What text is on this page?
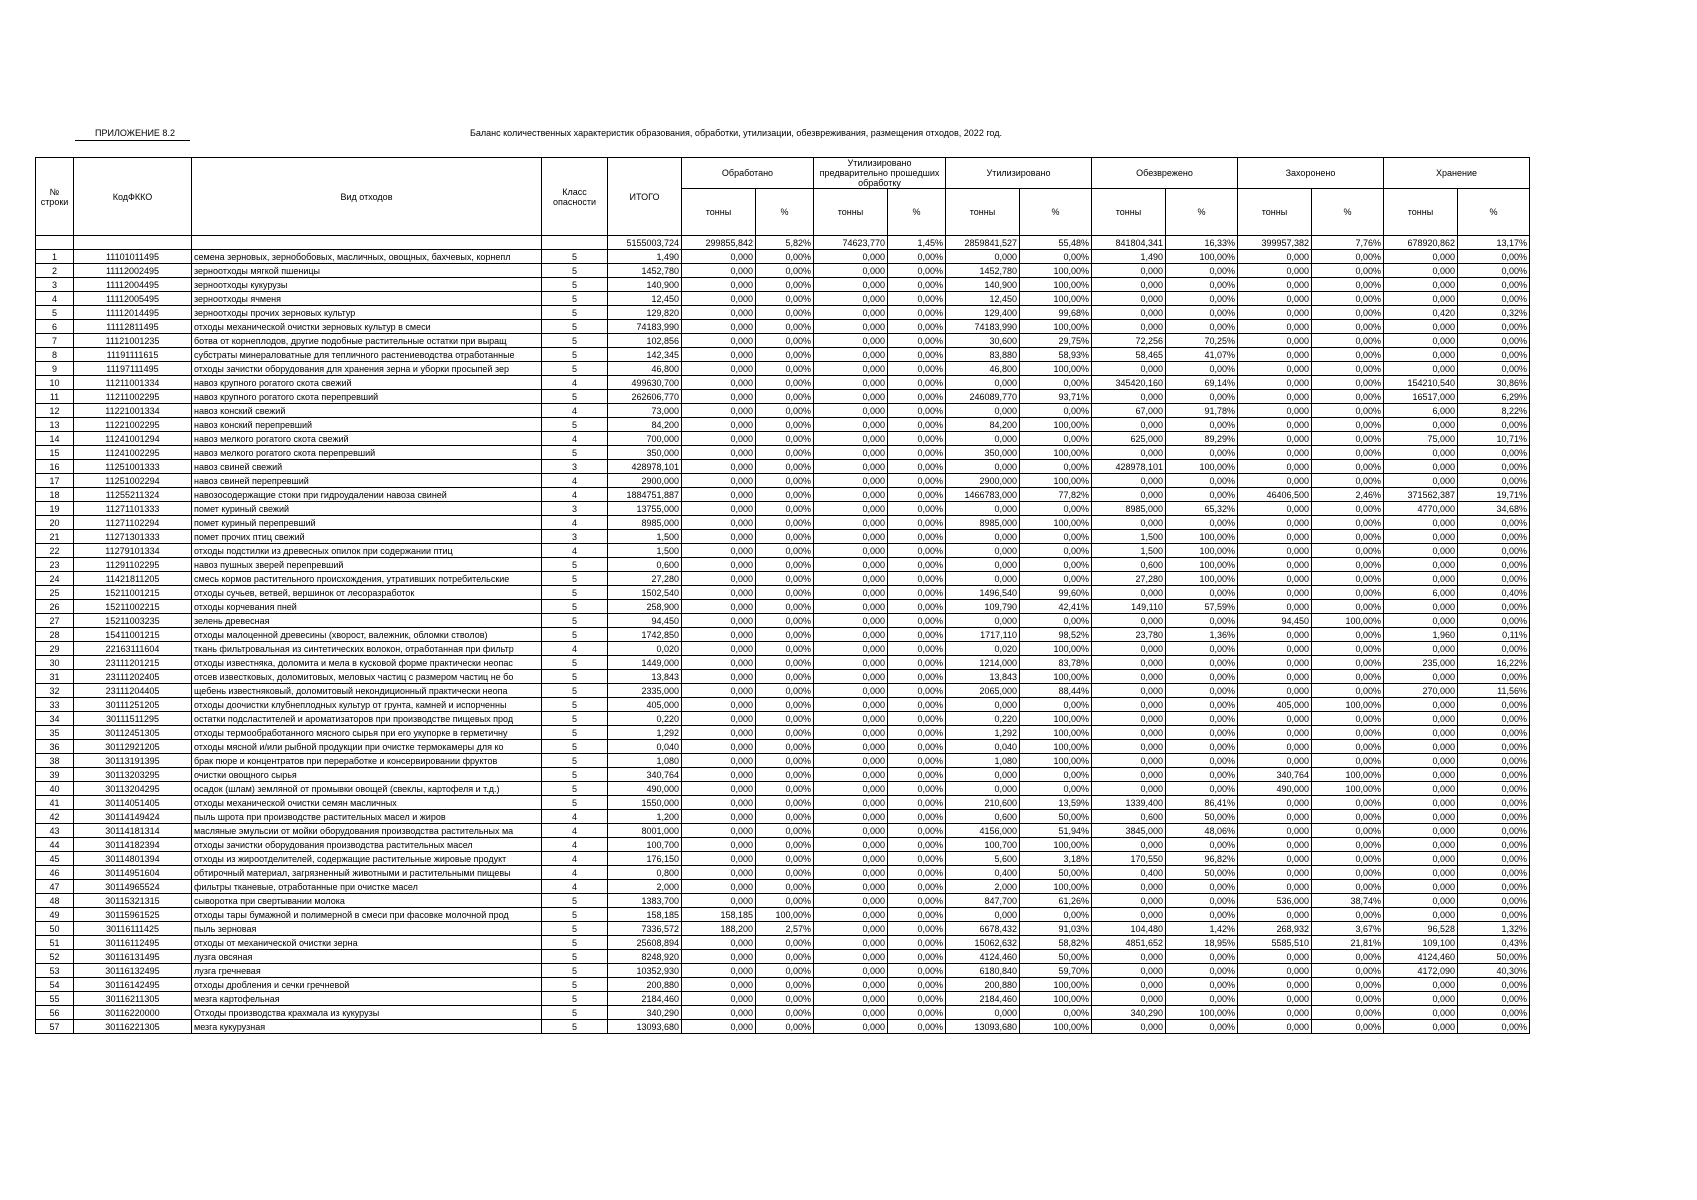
ПРИЛОЖЕНИЕ 8.2	Баланс количественных характеристик образования, обработки, утилизации, обезвреживания, размещения отходов, 2022 год.
№ строки	КодФККО	Вид отходов	Класс опасности	ИТОГО	Обработано		Утилизировано предварительно прошедших обработку		Утилизировано		Обезврежено		Захоронено		Хранение	
					тонны	%	тонны	%	тонны	%	тонны	%	тонны	%	тонны	%
				5155003,724	299855,842	5,82%	74623,770	1,45%	2859841,527	55,48%	841804,341	16,33%	399957,382	7,76%	678920,862	13,17%
1	11101011495	семена зерновых, зернобобовых, масличных, овощных, бахчевых, корнепл	5	1,490	0,000	0,00%	0,000	0,00%	0,000	0,00%	1,490	100,00%	0,000	0,00%	0,000	0,00%
2	11112002495	зерноотходы мягкой пшеницы	5	1452,780	0,000	0,00%	0,000	0,00%	1452,780	100,00%	0,000	0,00%	0,000	0,00%	0,000	0,00%
3	11112004495	зерноотходы кукурузы	5	140,900	0,000	0,00%	0,000	0,00%	140,900	100,00%	0,000	0,00%	0,000	0,00%	0,000	0,00%
4	11112005495	зерноотходы ячменя	5	12,450	0,000	0,00%	0,000	0,00%	12,450	100,00%	0,000	0,00%	0,000	0,00%	0,000	0,00%
5	11112014495	зерноотходы прочих зерновых культур	5	129,820	0,000	0,00%	0,000	0,00%	129,400	99,68%	0,000	0,00%	0,000	0,00%	0,420	0,32%
6	11112811495	отходы механической очистки зерновых культур в смеси	5	74183,990	0,000	0,00%	0,000	0,00%	74183,990	100,00%	0,000	0,00%	0,000	0,00%	0,000	0,00%
7	11121001235	ботва от корнеплодов, другие подобные растительные остатки при выращ	5	102,856	0,000	0,00%	0,000	0,00%	30,600	29,75%	72,256	70,25%	0,000	0,00%	0,000	0,00%
8	11191111615	субстраты минераловатные для тепличного растениеводства отработанные	5	142,345	0,000	0,00%	0,000	0,00%	83,880	58,93%	58,465	41,07%	0,000	0,00%	0,000	0,00%
9	11197111495	отходы зачистки оборудования для хранения зерна и уборки просыпей зер	5	46,800	0,000	0,00%	0,000	0,00%	46,800	100,00%	0,000	0,00%	0,000	0,00%	0,000	0,00%
10	11211001334	навоз крупного рогатого скота свежий	4	499630,700	0,000	0,00%	0,000	0,00%	0,000	0,00%	345420,160	69,14%	0,000	0,00%	154210,540	30,86%
11	11211002295	навоз крупного рогатого скота перепревший	5	262606,770	0,000	0,00%	0,000	0,00%	246089,770	93,71%	0,000	0,00%	0,000	0,00%	16517,000	6,29%
12	11221001334	навоз конский свежий	4	73,000	0,000	0,00%	0,000	0,00%	0,000	0,00%	67,000	91,78%	0,000	0,00%	6,000	8,22%
13	11221002295	навоз конский перепревший	5	84,200	0,000	0,00%	0,000	0,00%	84,200	100,00%	0,000	0,00%	0,000	0,00%	0,000	0,00%
14	11241001294	навоз мелкого рогатого скота свежий	4	700,000	0,000	0,00%	0,000	0,00%	0,000	0,00%	625,000	89,29%	0,000	0,00%	75,000	10,71%
15	11241002295	навоз мелкого рогатого скота перепревший	5	350,000	0,000	0,00%	0,000	0,00%	350,000	100,00%	0,000	0,00%	0,000	0,00%	0,000	0,00%
16	11251001333	навоз свиней свежий	3	428978,101	0,000	0,00%	0,000	0,00%	0,000	0,00%	428978,101	100,00%	0,000	0,00%	0,000	0,00%
17	11251002294	навоз свиней перепревший	4	2900,000	0,000	0,00%	0,000	0,00%	2900,000	100,00%	0,000	0,00%	0,000	0,00%	0,000	0,00%
18	11255211324	навозосодержащие стоки при гидроудалении навоза свиней	4	1884751,887	0,000	0,00%	0,000	0,00%	1466783,000	77,82%	0,000	0,00%	46406,500	2,46%	371562,387	19,71%
19	11271101333	помет куриный свежий	3	13755,000	0,000	0,00%	0,000	0,00%	0,000	0,00%	8985,000	65,32%	0,000	0,00%	4770,000	34,68%
20	11271102294	помет куриный перепревший	4	8985,000	0,000	0,00%	0,000	0,00%	8985,000	100,00%	0,000	0,00%	0,000	0,00%	0,000	0,00%
21	11271301333	помет прочих птиц свежий	3	1,500	0,000	0,00%	0,000	0,00%	0,000	0,00%	1,500	100,00%	0,000	0,00%	0,000	0,00%
22	11279101334	отходы подстилки из древесных опилок при содержании птиц	4	1,500	0,000	0,00%	0,000	0,00%	0,000	0,00%	1,500	100,00%	0,000	0,00%	0,000	0,00%
23	11291102295	навоз пушных зверей перепревший	5	0,600	0,000	0,00%	0,000	0,00%	0,000	0,00%	0,600	100,00%	0,000	0,00%	0,000	0,00%
24	11421811205	смесь кормов растительного происхождения, утративших потребительские	5	27,280	0,000	0,00%	0,000	0,00%	0,000	0,00%	27,280	100,00%	0,000	0,00%	0,000	0,00%
25	15211001215	отходы сучьев, ветвей, вершинок от лесоразработок	5	1502,540	0,000	0,00%	0,000	0,00%	1496,540	99,60%	0,000	0,00%	0,000	0,00%	6,000	0,40%
26	15211002215	отходы корчевания пней	5	258,900	0,000	0,00%	0,000	0,00%	109,790	42,41%	149,110	57,59%	0,000	0,00%	0,000	0,00%
27	15211003235	зелень древесная	5	94,450	0,000	0,00%	0,000	0,00%	0,000	0,00%	0,000	0,00%	94,450	100,00%	0,000	0,00%
28	15411001215	отходы малоценной древесины (хворост, валежник, обломки стволов)	5	1742,850	0,000	0,00%	0,000	0,00%	1717,110	98,52%	23,780	1,36%	0,000	0,00%	1,960	0,11%
29	22163111604	ткань фильтровальная из синтетических волокон, отработанная при фильтр	4	0,020	0,000	0,00%	0,000	0,00%	0,020	100,00%	0,000	0,00%	0,000	0,00%	0,000	0,00%
30	23111201215	отходы известняка, доломита и мела в кусковой форме практически неопас	5	1449,000	0,000	0,00%	0,000	0,00%	1214,000	83,78%	0,000	0,00%	0,000	0,00%	235,000	16,22%
31	23111202405	отсев известковых, доломитовых, меловых частиц с размером частиц не бо	5	13,843	0,000	0,00%	0,000	0,00%	13,843	100,00%	0,000	0,00%	0,000	0,00%	0,000	0,00%
32	23111204405	щебень известняковый, доломитовый некондиционный практически неопа	5	2335,000	0,000	0,00%	0,000	0,00%	2065,000	88,44%	0,000	0,00%	0,000	0,00%	270,000	11,56%
33	30111251205	отходы доочистки клубнеплодных культур от грунта, камней и испорченны	5	405,000	0,000	0,00%	0,000	0,00%	0,000	0,00%	0,000	0,00%	405,000	100,00%	0,000	0,00%
34	30111511295	остатки подсластителей и ароматизаторов при производстве пищевых прод	5	0,220	0,000	0,00%	0,000	0,00%	0,220	100,00%	0,000	0,00%	0,000	0,00%	0,000	0,00%
35	30112451305	отходы термообработанного мясного сырья при его укупорке в герметичну	5	1,292	0,000	0,00%	0,000	0,00%	1,292	100,00%	0,000	0,00%	0,000	0,00%	0,000	0,00%
36	30112921205	отходы мясной и/или рыбной продукции при очистке термокамеры для ко	5	0,040	0,000	0,00%	0,000	0,00%	0,040	100,00%	0,000	0,00%	0,000	0,00%	0,000	0,00%
38	30113191395	брак пюре и концентратов при переработке и консервировании фруктов	5	1,080	0,000	0,00%	0,000	0,00%	1,080	100,00%	0,000	0,00%	0,000	0,00%	0,000	0,00%
39	30113203295	очистки овощного сырья	5	340,764	0,000	0,00%	0,000	0,00%	0,000	0,00%	0,000	0,00%	340,764	100,00%	0,000	0,00%
40	30113204295	осадок (шлам) земляной от промывки овощей (свеклы, картофеля и т.д.)	5	490,000	0,000	0,00%	0,000	0,00%	0,000	0,00%	0,000	0,00%	490,000	100,00%	0,000	0,00%
41	30114051405	отходы механической очистки семян масличных	5	1550,000	0,000	0,00%	0,000	0,00%	210,600	13,59%	1339,400	86,41%	0,000	0,00%	0,000	0,00%
42	30114149424	пыль шрота при производстве растительных масел и жиров	4	1,200	0,000	0,00%	0,000	0,00%	0,600	50,00%	0,600	50,00%	0,000	0,00%	0,000	0,00%
43	30114181314	масляные эмульсии от мойки оборудования производства растительных ма	4	8001,000	0,000	0,00%	0,000	0,00%	4156,000	51,94%	3845,000	48,06%	0,000	0,00%	0,000	0,00%
44	30114182394	отходы зачистки оборудования производства растительных масел	4	100,700	0,000	0,00%	0,000	0,00%	100,700	100,00%	0,000	0,00%	0,000	0,00%	0,000	0,00%
45	30114801394	отходы из жироотделителей, содержащие растительные жировые продукт	4	176,150	0,000	0,00%	0,000	0,00%	5,600	3,18%	170,550	96,82%	0,000	0,00%	0,000	0,00%
46	30114951604	обтирочный материал, загрязненный животными и растительными пищевы	4	0,800	0,000	0,00%	0,000	0,00%	0,400	50,00%	0,400	50,00%	0,000	0,00%	0,000	0,00%
47	30114965524	фильтры тканевые, отработанные при очистке масел	4	2,000	0,000	0,00%	0,000	0,00%	2,000	100,00%	0,000	0,00%	0,000	0,00%	0,000	0,00%
48	30115321315	сыворотка при свертывании молока	5	1383,700	0,000	0,00%	0,000	0,00%	847,700	61,26%	0,000	0,00%	536,000	38,74%	0,000	0,00%
49	30115961525	отходы тары бумажной и полимерной в смеси при фасовке молочной прод	5	158,185	158,185	100,00%	0,000	0,00%	0,000	0,00%	0,000	0,00%	0,000	0,00%	0,000	0,00%
50	30116111425	пыль зерновая	5	7336,572	188,200	2,57%	0,000	0,00%	6678,432	91,03%	104,480	1,42%	268,932	3,67%	96,528	1,32%
51	30116112495	отходы от механической очистки зерна	5	25608,894	0,000	0,00%	0,000	0,00%	15062,632	58,82%	4851,652	18,95%	5585,510	21,81%	109,100	0,43%
52	30116131495	лузга овсяная	5	8248,920	0,000	0,00%	0,000	0,00%	4124,460	50,00%	0,000	0,00%	0,000	0,00%	4124,460	50,00%
53	30116132495	лузга гречневая	5	10352,930	0,000	0,00%	0,000	0,00%	6180,840	59,70%	0,000	0,00%	0,000	0,00%	4172,090	40,30%
54	30116142495	отходы дробления и сечки гречневой	5	200,880	0,000	0,00%	0,000	0,00%	200,880	100,00%	0,000	0,00%	0,000	0,00%	0,000	0,00%
55	30116211305	мезга картофельная	5	2184,460	0,000	0,00%	0,000	0,00%	2184,460	100,00%	0,000	0,00%	0,000	0,00%	0,000	0,00%
56	30116220000	Отходы производства крахмала из кукурузы	5	340,290	0,000	0,00%	0,000	0,00%	0,000	0,00%	340,290	100,00%	0,000	0,00%	0,000	0,00%
57	30116221305	мезга кукурузная	5	13093,680	0,000	0,00%	0,000	0,00%	13093,680	100,00%	0,000	0,00%	0,000	0,00%	0,000	0,00%
